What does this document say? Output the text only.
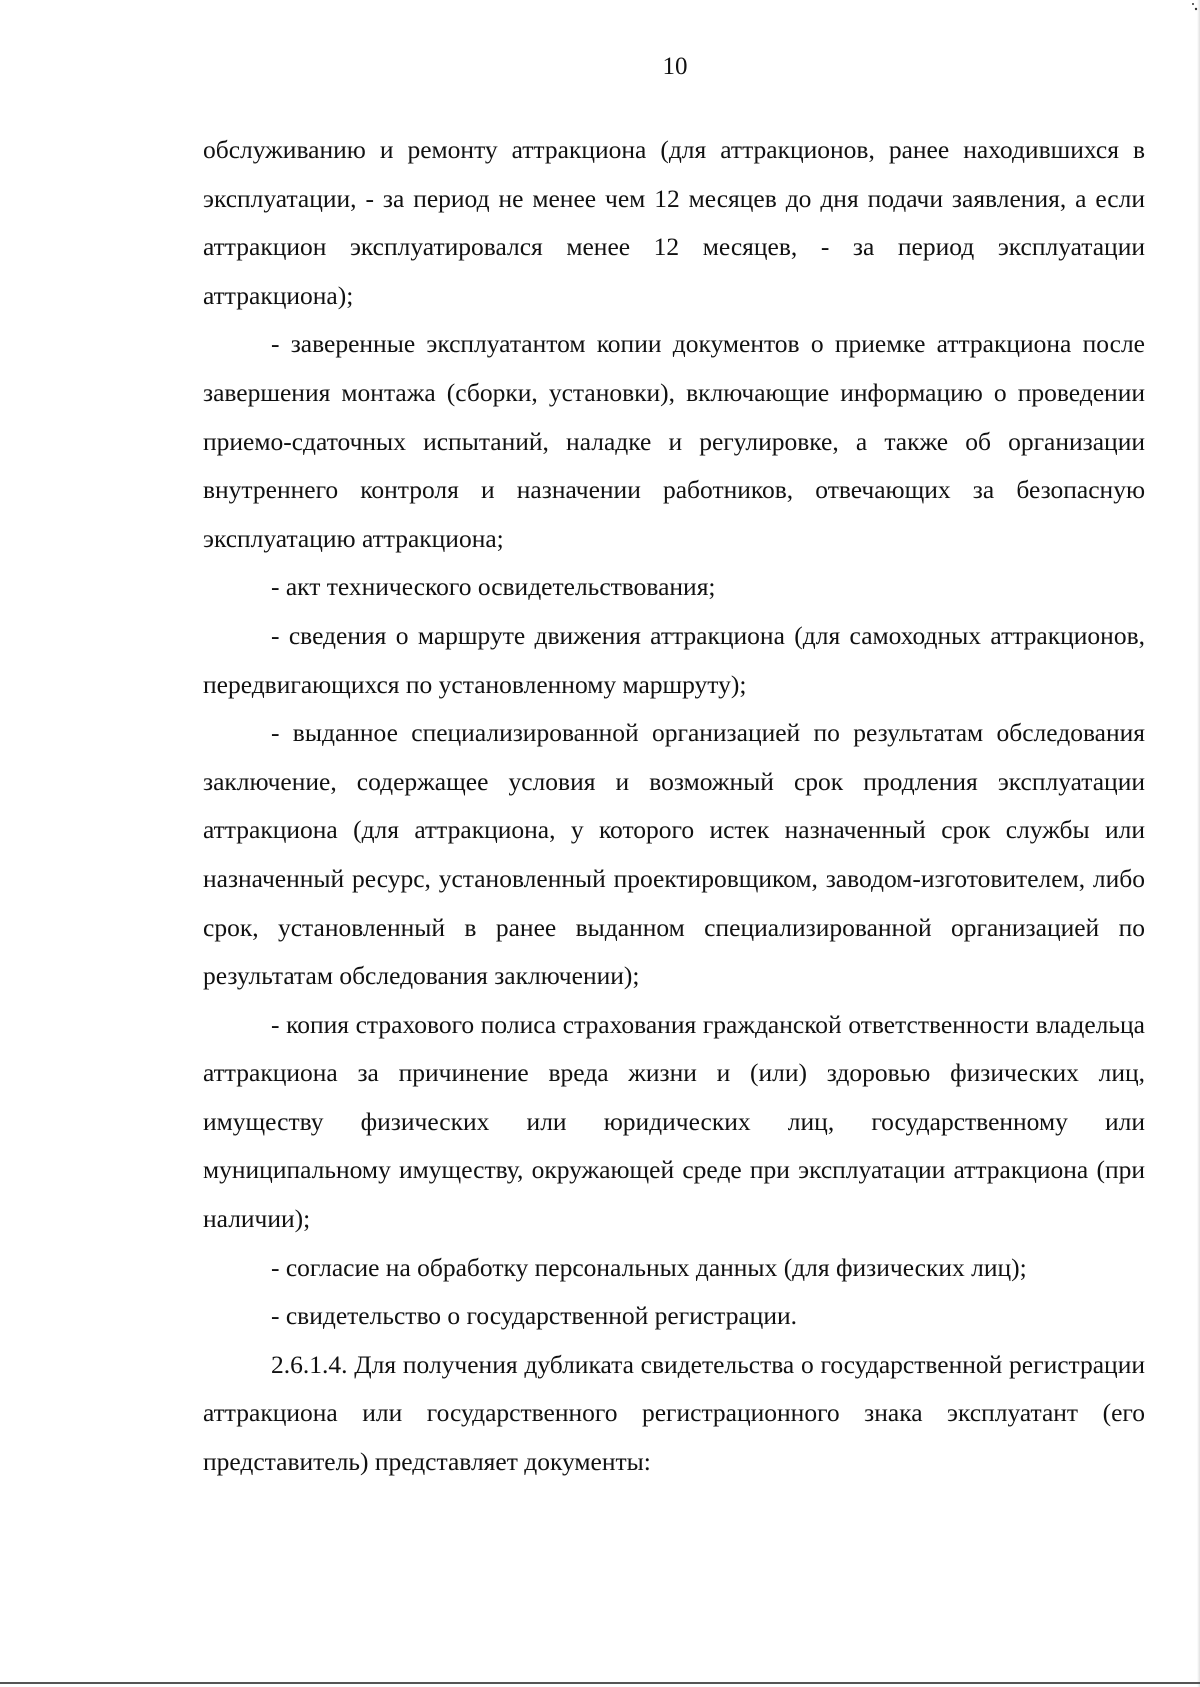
10

обслуживанию и ремонту аттракциона (для аттракционов, ранее находившихся в эксплуатации, - за период не менее чем 12 месяцев до дня подачи заявления, а если аттракцион эксплуатировался менее 12 месяцев, - за период эксплуатации аттракциона);

- заверенные эксплуатантом копии документов о приемке аттракциона после завершения монтажа (сборки, установки), включающие информацию о проведении приемо-сдаточных испытаний, наладке и регулировке, а также об организации внутреннего контроля и назначении работников, отвечающих за безопасную эксплуатацию аттракциона;

- акт технического освидетельствования;

- сведения о маршруте движения аттракциона (для самоходных аттракционов, передвигающихся по установленному маршруту);

- выданное специализированной организацией по результатам обследования заключение, содержащее условия и возможный срок продления эксплуатации аттракциона (для аттракциона, у которого истек назначенный срок службы или назначенный ресурс, установленный проектировщиком, заводом-изготовителем, либо срок, установленный в ранее выданном специализированной организацией по результатам обследования заключении);

- копия страхового полиса страхования гражданской ответственности владельца аттракциона за причинение вреда жизни и (или) здоровью физических лиц, имуществу физических или юридических лиц, государственному или муниципальному имуществу, окружающей среде при эксплуатации аттракциона (при наличии);

- согласие на обработку персональных данных (для физических лиц);

- свидетельство о государственной регистрации.

2.6.1.4. Для получения дубликата свидетельства о государственной регистрации аттракциона или государственного регистрационного знака эксплуатант (его представитель) представляет документы:
